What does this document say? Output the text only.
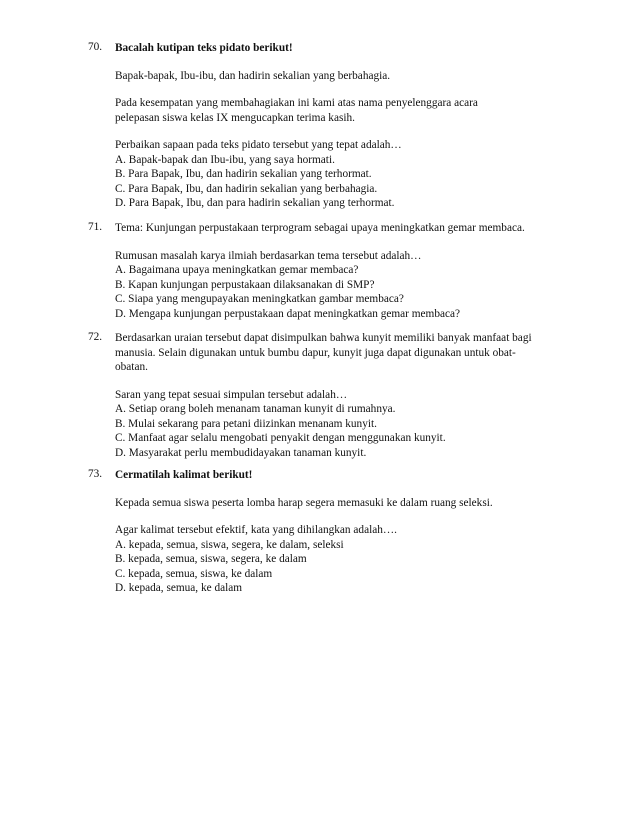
70.	Bacalah kutipan teks pidato berikut!
Bapak-bapak, Ibu-ibu, dan hadirin sekalian yang berbahagia.
Pada kesempatan yang membahagiakan ini kami atas nama penyelenggara acara
pelepasan siswa kelas IX mengucapkan terima kasih.
Perbaikan sapaan pada teks pidato tersebut yang tepat adalah…
A. Bapak-bapak dan Ibu-ibu, yang saya hormati.
B. Para Bapak, Ibu, dan hadirin sekalian yang terhormat.
C. Para Bapak, Ibu, dan hadirin sekalian yang berbahagia.
D. Para Bapak, Ibu, dan para hadirin sekalian yang terhormat.
71.	Tema: Kunjungan perpustakaan terprogram sebagai upaya meningkatkan gemar membaca.
Rumusan masalah karya ilmiah berdasarkan tema tersebut adalah…
A. Bagaimana upaya meningkatkan gemar membaca?
B. Kapan kunjungan perpustakaan dilaksanakan di SMP?
C. Siapa yang mengupayakan meningkatkan gambar membaca?
D. Mengapa kunjungan perpustakaan dapat meningkatkan gemar membaca?
72.	Berdasarkan uraian tersebut dapat disimpulkan bahwa kunyit memiliki banyak manfaat bagi
manusia. Selain digunakan untuk bumbu dapur, kunyit juga dapat digunakan untuk obat-
obatan.
Saran yang tepat sesuai simpulan tersebut adalah…
A. Setiap orang boleh menanam tanaman kunyit di rumahnya.
B. Mulai sekarang para petani diizinkan menanam kunyit.
C. Manfaat agar selalu mengobati penyakit dengan menggunakan kunyit.
D. Masyarakat perlu membudidayakan tanaman kunyit.
73.	Cermatilah kalimat berikut!
Kepada semua siswa peserta lomba harap segera memasuki ke dalam ruang seleksi.
Agar kalimat tersebut efektif, kata yang dihilangkan adalah….
A. kepada, semua, siswa, segera, ke dalam, seleksi
B. kepada, semua, siswa, segera, ke dalam
C. kepada, semua, siswa, ke dalam
D. kepada, semua, ke dalam
